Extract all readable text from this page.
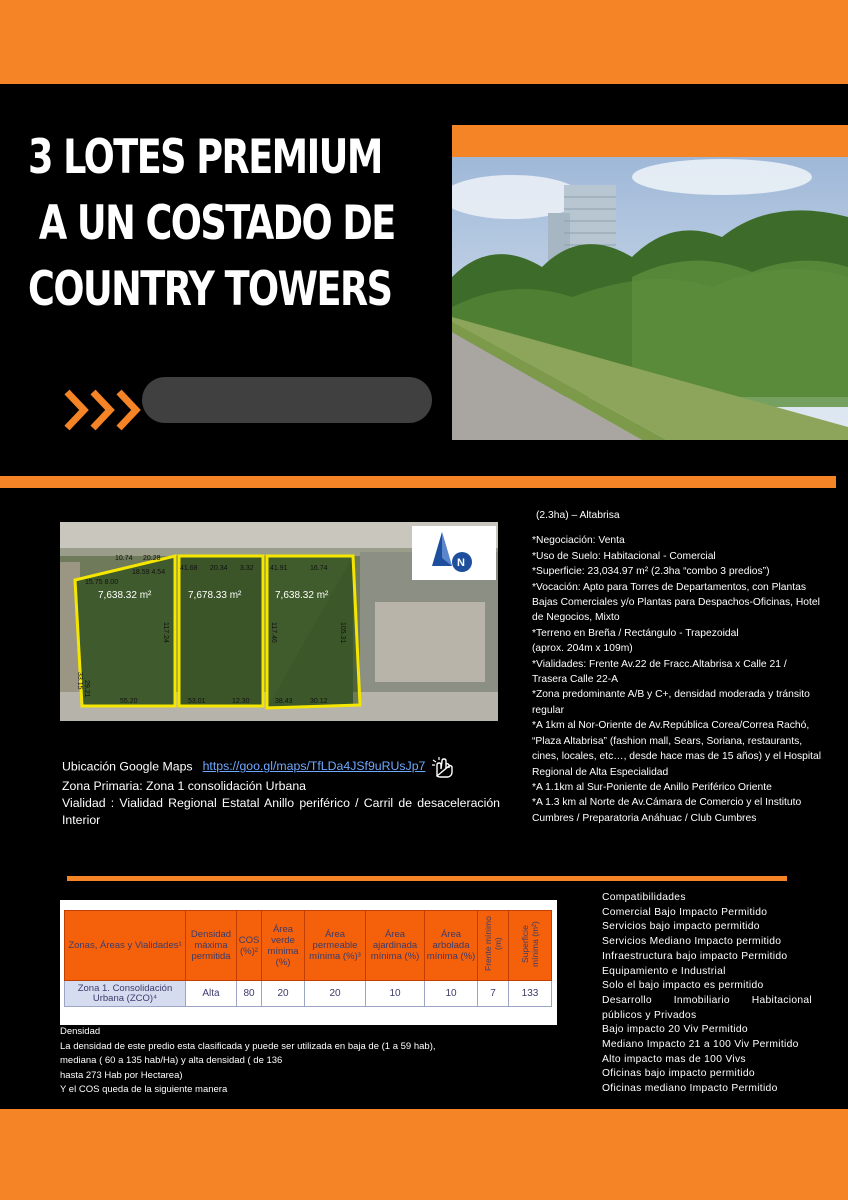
3 LOTES PREMIUM
A UN COSTADO DE
COUNTRY TOWERS
7,638.32 m²	7,678.33 m²	7,638.32 m²
10.74 20.28
15.75 8.00
18.59 4.54
41.68 20.34 3.32 41.91	16.74
33.15
117.24	117.46	105.31
29.21
55.20	53.01	12.30	38.43 30.12
N

(2.3ha) – Altabrisa

*Negociación: Venta

*Uso de Suelo: Habitacional - Comercial

*Superficie: 23,034.97 m² (2.3ha “combo 3 predios”)

*Vocación: Apto para Torres de Departamentos, con Plantas

Bajas Comerciales y/o Plantas para Despachos-Oficinas, Hotel de Negocios, Mixto

*Terreno en Breña / Rectángulo - Trapezoidal

(aprox. 204m x 109m)

*Vialidades: Frente Av.22 de Fracc.Altabrisa x Calle 21 / Trasera Calle 22-A

*Zona predominante A/B y C+, densidad moderada y tránsito regular

*A 1km al Nor-Oriente de Av.República Corea/Correa Rachó, “Plaza Altabrisa” (fashion mall, Sears, Soriana, restaurants, cines, locales, etc…, desde hace mas de 15 años) y el Hospital Regional de Alta Especialidad

*A 1.1km al Sur-Poniente de Anillo Periférico Oriente

*A 1.3 km al Norte de Av.Cámara de Comercio y el Instituto Cumbres / Preparatoria Anáhuac / Club Cumbres

Ubicación Google Maps https://goo.gl/maps/TfLDa4JSf9uRUsJp7

Zona Primaria: Zona 1 consolidación Urbana

Vialidad : Vialidad Regional Estatal Anillo periférico / Carril de desaceleración Interior

Zonas, Áreas y Vialidades¹	Densidad máxima permitida	COS (%)²	Área verde mínima (%)	Área permeable mínima (%)³	Área ajardinada mínima (%)	Área arbolada mínima (%)	Frente mínimo (m)	Superficie mínima (m²)
Zona 1. Consolidación Urbana (ZCO)⁴	Alta	80	20	20	10	10	7	133

Densidad

La densidad de este predio esta clasificada y puede ser utilizada en baja de (1 a 59 hab), mediana ( 60 a 135 hab/Ha) y alta densidad ( de 136

hasta 273 Hab por Hectarea)

Y el COS queda de la siguiente manera

Compatibilidades

Comercial Bajo Impacto Permitido

Servicios bajo impacto permitido

Servicios Mediano Impacto permitido

Infraestructura bajo impacto Permitido

Equipamiento e Industrial

Solo el bajo impacto es permitido

Desarrollo Inmobiliario Habitacional públicos y Privados

Bajo impacto 20 Viv Permitido

Mediano Impacto 21 a 100 Viv Permitido

Alto impacto mas de 100 Vivs

Oficinas bajo impacto permitido

Oficinas mediano Impacto Permitido
